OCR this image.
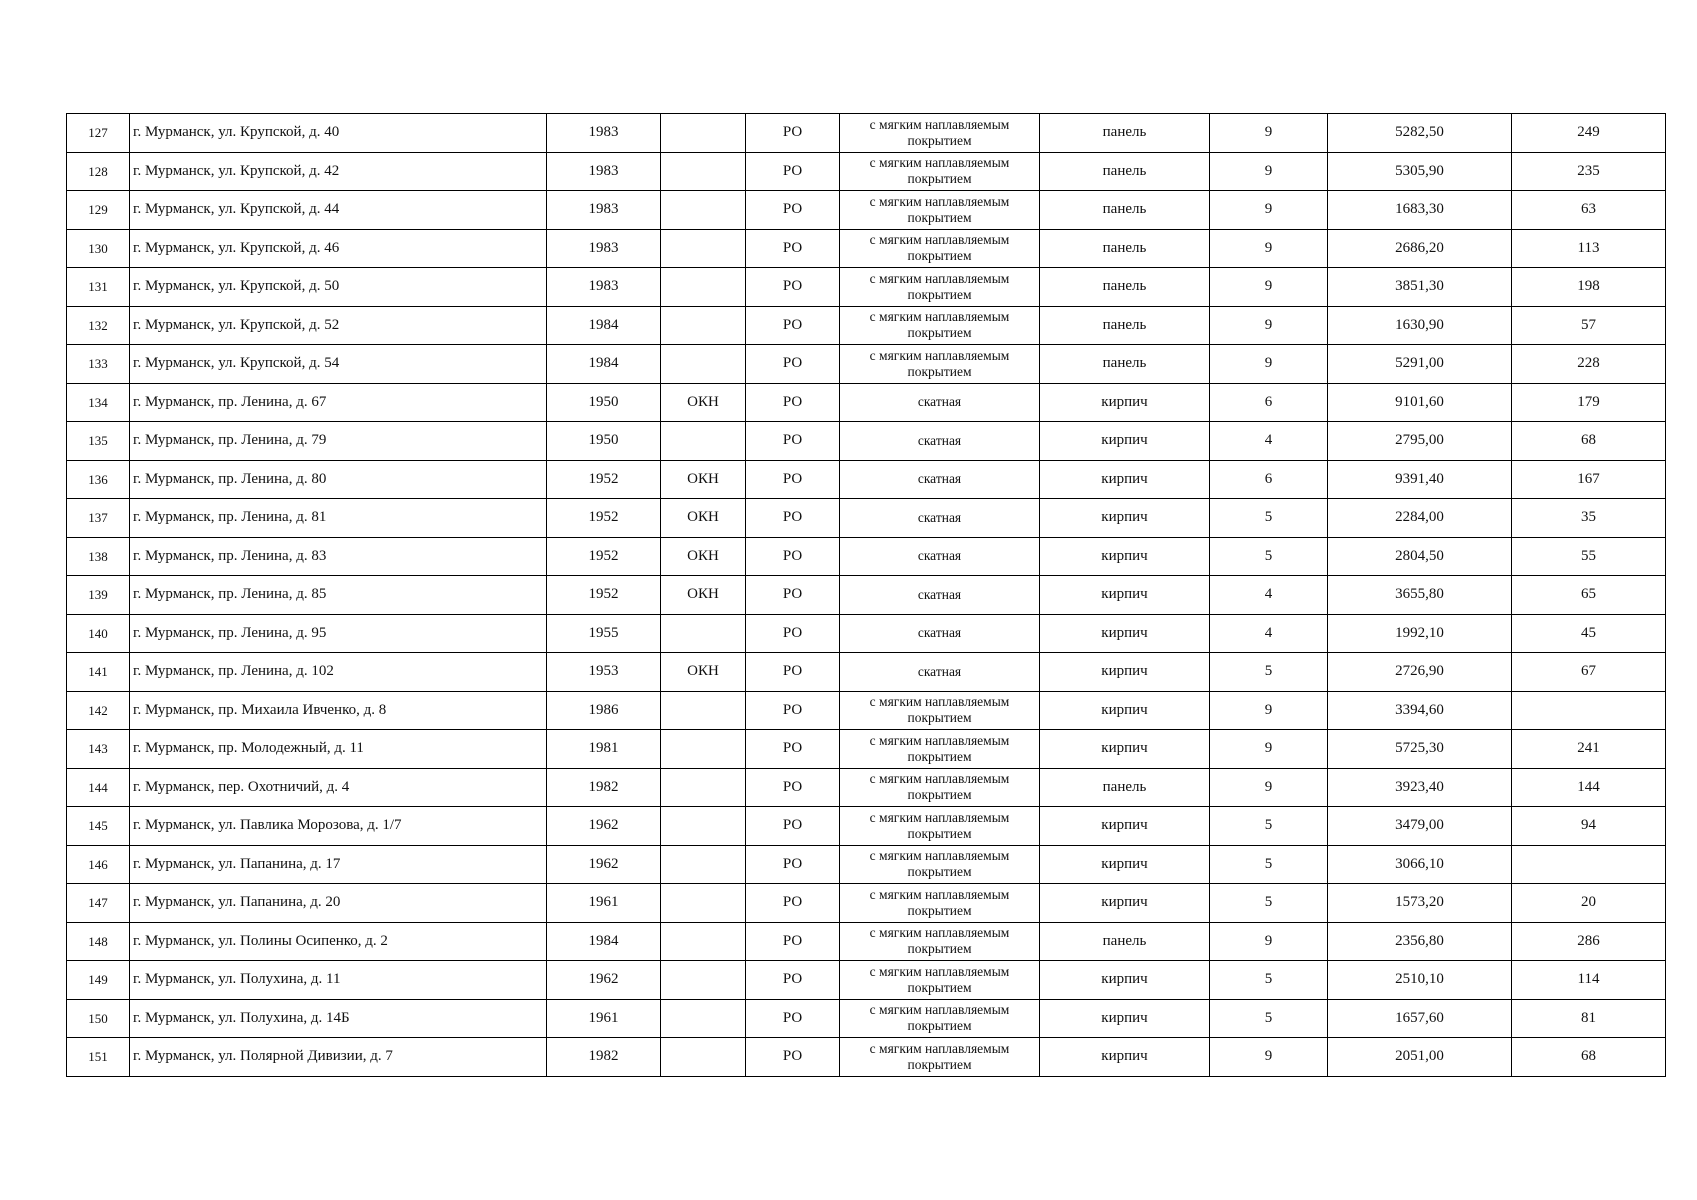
127	г. Мурманск, ул. Крупской, д. 40	1983		РО	с мягким наплавляемым покрытием	панель	9	5282,50	249
128	г. Мурманск, ул. Крупской, д. 42	1983		РО	с мягким наплавляемым покрытием	панель	9	5305,90	235
129	г. Мурманск, ул. Крупской, д. 44	1983		РО	с мягким наплавляемым покрытием	панель	9	1683,30	63
130	г. Мурманск, ул. Крупской, д. 46	1983		РО	с мягким наплавляемым покрытием	панель	9	2686,20	113
131	г. Мурманск, ул. Крупской, д. 50	1983		РО	с мягким наплавляемым покрытием	панель	9	3851,30	198
132	г. Мурманск, ул. Крупской, д. 52	1984		РО	с мягким наплавляемым покрытием	панель	9	1630,90	57
133	г. Мурманск, ул. Крупской, д. 54	1984		РО	с мягким наплавляемым покрытием	панель	9	5291,00	228
134	г. Мурманск, пр. Ленина, д. 67	1950	ОКН	РО	скатная	кирпич	6	9101,60	179
135	г. Мурманск, пр. Ленина, д. 79	1950		РО	скатная	кирпич	4	2795,00	68
136	г. Мурманск, пр. Ленина, д. 80	1952	ОКН	РО	скатная	кирпич	6	9391,40	167
137	г. Мурманск, пр. Ленина, д. 81	1952	ОКН	РО	скатная	кирпич	5	2284,00	35
138	г. Мурманск, пр. Ленина, д. 83	1952	ОКН	РО	скатная	кирпич	5	2804,50	55
139	г. Мурманск, пр. Ленина, д. 85	1952	ОКН	РО	скатная	кирпич	4	3655,80	65
140	г. Мурманск, пр. Ленина, д. 95	1955		РО	скатная	кирпич	4	1992,10	45
141	г. Мурманск, пр. Ленина, д. 102	1953	ОКН	РО	скатная	кирпич	5	2726,90	67
142	г. Мурманск, пр. Михаила Ивченко, д. 8	1986		РО	с мягким наплавляемым покрытием	кирпич	9	3394,60	
143	г. Мурманск, пр. Молодежный, д. 11	1981		РО	с мягким наплавляемым покрытием	кирпич	9	5725,30	241
144	г. Мурманск, пер. Охотничий, д. 4	1982		РО	с мягким наплавляемым покрытием	панель	9	3923,40	144
145	г. Мурманск, ул. Павлика Морозова, д. 1/7	1962		РО	с мягким наплавляемым покрытием	кирпич	5	3479,00	94
146	г. Мурманск, ул. Папанина, д. 17	1962		РО	с мягким наплавляемым покрытием	кирпич	5	3066,10	
147	г. Мурманск, ул. Папанина, д. 20	1961		РО	с мягким наплавляемым покрытием	кирпич	5	1573,20	20
148	г. Мурманск, ул. Полины Осипенко, д. 2	1984		РО	с мягким наплавляемым покрытием	панель	9	2356,80	286
149	г. Мурманск, ул. Полухина, д. 11	1962		РО	с мягким наплавляемым покрытием	кирпич	5	2510,10	114
150	г. Мурманск, ул. Полухина, д. 14Б	1961		РО	с мягким наплавляемым покрытием	кирпич	5	1657,60	81
151	г. Мурманск, ул. Полярной Дивизии, д. 7	1982		РО	с мягким наплавляемым покрытием	кирпич	9	2051,00	68
